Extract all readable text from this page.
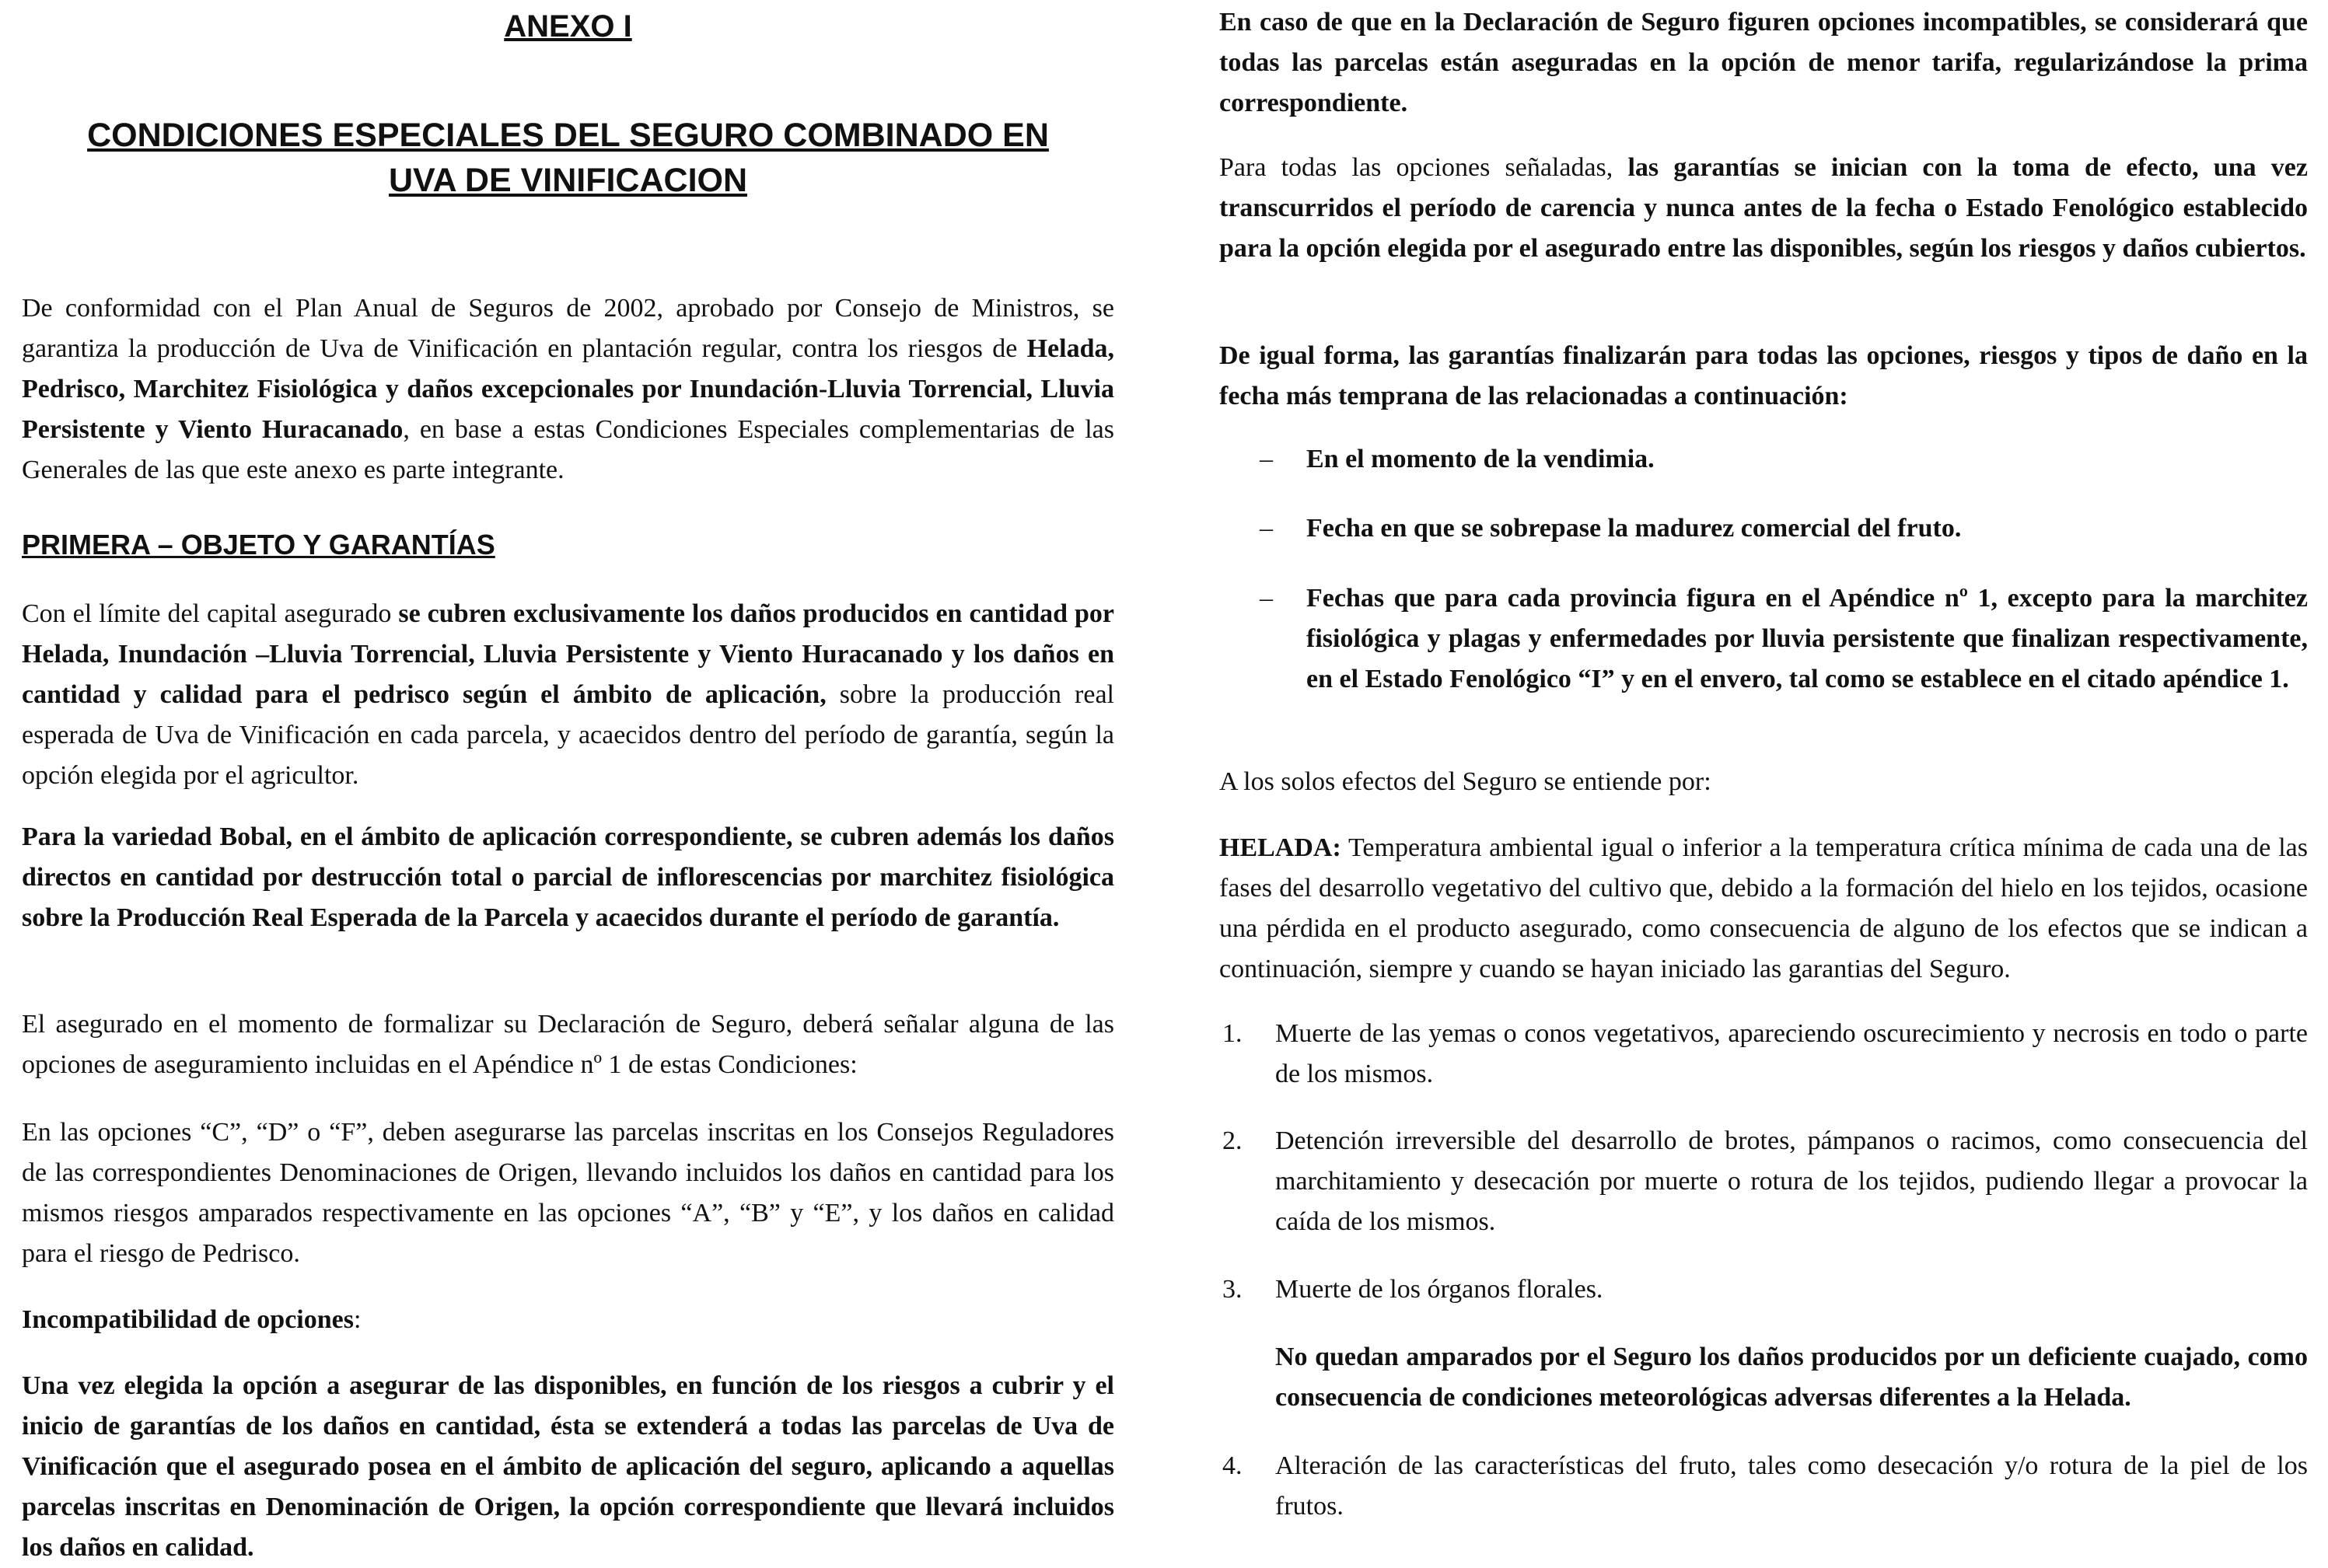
ANEXO I
CONDICIONES ESPECIALES DEL SEGURO COMBINADO EN
UVA DE VINIFICACION

De conformidad con el Plan Anual de Seguros de 2002, aprobado por Consejo de Ministros, se garantiza la producción de Uva de Vinificación en plantación regular, contra los riesgos de Helada, Pedrisco, Marchitez Fisiológica y daños excepcionales por Inundación-Lluvia Torrencial, Lluvia Persistente y Viento Huracanado, en base a estas Condiciones Especiales complementarias de las Generales de las que este anexo es parte integrante.

PRIMERA – OBJETO Y GARANTÍAS

Con el límite del capital asegurado se cubren exclusivamente los daños producidos en cantidad por Helada, Inundación –Lluvia Torrencial, Lluvia Persistente y Viento Huracanado y los daños en cantidad y calidad para el pedrisco según el ámbito de aplicación, sobre la producción real esperada de Uva de Vinificación en cada parcela, y acaecidos dentro del período de garantía, según la opción elegida por el agricultor.

Para la variedad Bobal, en el ámbito de aplicación correspondiente, se cubren además los daños directos en cantidad por destrucción total o parcial de inflorescencias por marchitez fisiológica sobre la Producción Real Esperada de la Parcela y acaecidos durante el período de garantía.

El asegurado en el momento de formalizar su Declaración de Seguro, deberá señalar alguna de las opciones de aseguramiento incluidas en el Apéndice nº 1 de estas Condiciones:

En las opciones “C”, “D” o “F”, deben asegurarse las parcelas inscritas en los Consejos Reguladores de las correspondientes Denominaciones de Origen, llevando incluidos los daños en cantidad para los mismos riesgos amparados respectivamente en las opciones “A”, “B” y “E”, y los daños en calidad para el riesgo de Pedrisco.

Incompatibilidad de opciones:

Una vez elegida la opción a asegurar de las disponibles, en función de los riesgos a cubrir y el inicio de garantías de los daños en cantidad, ésta se extenderá a todas las parcelas de Uva de Vinificación que el asegurado posea en el ámbito de aplicación del seguro, aplicando a aquellas parcelas inscritas en Denominación de Origen, la opción correspondiente que llevará incluidos los daños en calidad.

En caso de que en la Declaración de Seguro figuren opciones incompatibles, se considerará que todas las parcelas están aseguradas en la opción de menor tarifa, regularizándose la prima correspondiente.

Para todas las opciones señaladas, las garantías se inician con la toma de efecto, una vez transcurridos el período de carencia y nunca antes de la fecha o Estado Fenológico establecido para la opción elegida por el asegurado entre las disponibles, según los riesgos y daños cubiertos.

De igual forma, las garantías finalizarán para todas las opciones, riesgos y tipos de daño en la fecha más temprana de las relacionadas a continuación:

– En el momento de la vendimia.
– Fecha en que se sobrepase la madurez comercial del fruto.
– Fechas que para cada provincia figura en el Apéndice nº 1, excepto para la marchitez fisiológica y plagas y enfermedades por lluvia persistente que finalizan respectivamente, en el Estado Fenológico “I” y en el envero, tal como se establece en el citado apéndice 1.

A los solos efectos del Seguro se entiende por:

HELADA: Temperatura ambiental igual o inferior a la temperatura crítica mínima de cada una de las fases del desarrollo vegetativo del cultivo que, debido a la formación del hielo en los tejidos, ocasione una pérdida en el producto asegurado, como consecuencia de alguno de los efectos que se indican a continuación, siempre y cuando se hayan iniciado las garantias del Seguro.

1. Muerte de las yemas o conos vegetativos, apareciendo oscurecimiento y necrosis en todo o parte de los mismos.
2. Detención irreversible del desarrollo de brotes, pámpanos o racimos, como consecuencia del marchitamiento y desecación por muerte o rotura de los tejidos, pudiendo llegar a provocar la caída de los mismos.
3. Muerte de los órganos florales.

No quedan amparados por el Seguro los daños producidos por un deficiente cuajado, como consecuencia de condiciones meteorológicas adversas diferentes a la Helada.

4. Alteración de las características del fruto, tales como desecación y/o rotura de la piel de los frutos.
